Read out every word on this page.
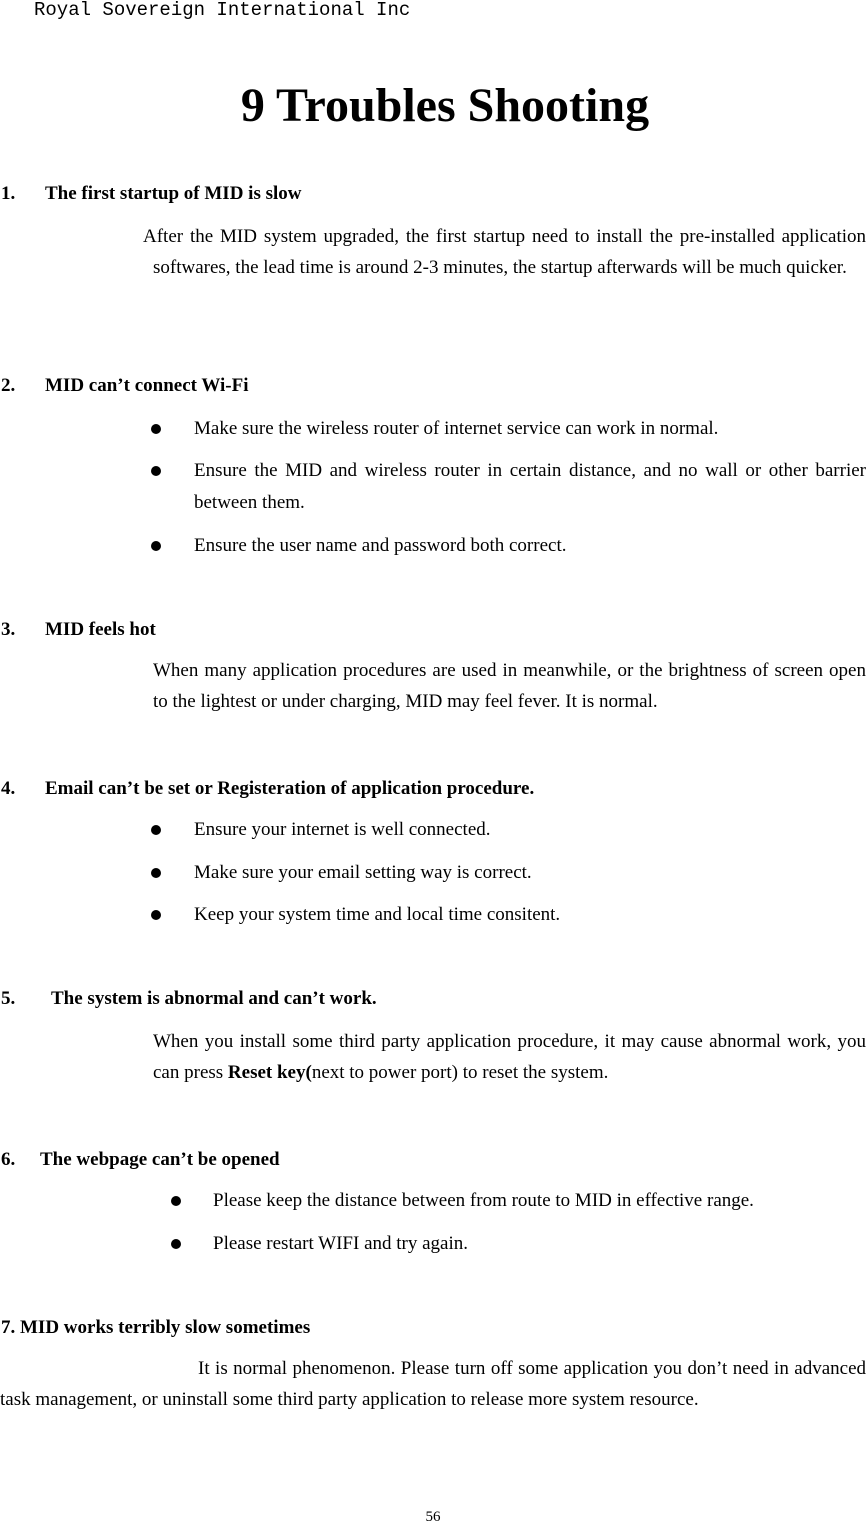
Royal Sovereign International Inc
9 Troubles Shooting
1. The first startup of MID is slow
After the MID system upgraded, the first startup need to install the pre-installed application softwares, the lead time is around 2-3 minutes, the startup afterwards will be much quicker.
2. MID can’t connect Wi-Fi
Make sure the wireless router of internet service can work in normal.
Ensure the MID and wireless router in certain distance, and no wall or other barrier between them.
Ensure the user name and password both correct.
3. MID feels hot
When many application procedures are used in meanwhile, or the brightness of screen open to the lightest or under charging, MID may feel fever. It is normal.
4. Email can’t be set or Registeration of application procedure.
Ensure your internet is well connected.
Make sure your email setting way is correct.
Keep your system time and local time consitent.
5. The system is abnormal and can’t work.
When you install some third party application procedure, it may cause abnormal work, you can press Reset key(next to power port) to reset the system.
6. The webpage can’t be opened
Please keep the distance between from route to MID in effective range.
Please restart WIFI and try again.
7. MID works terribly slow sometimes
It is normal phenomenon. Please turn off some application you don’t need in advanced task management, or uninstall some third party application to release more system resource.
56
